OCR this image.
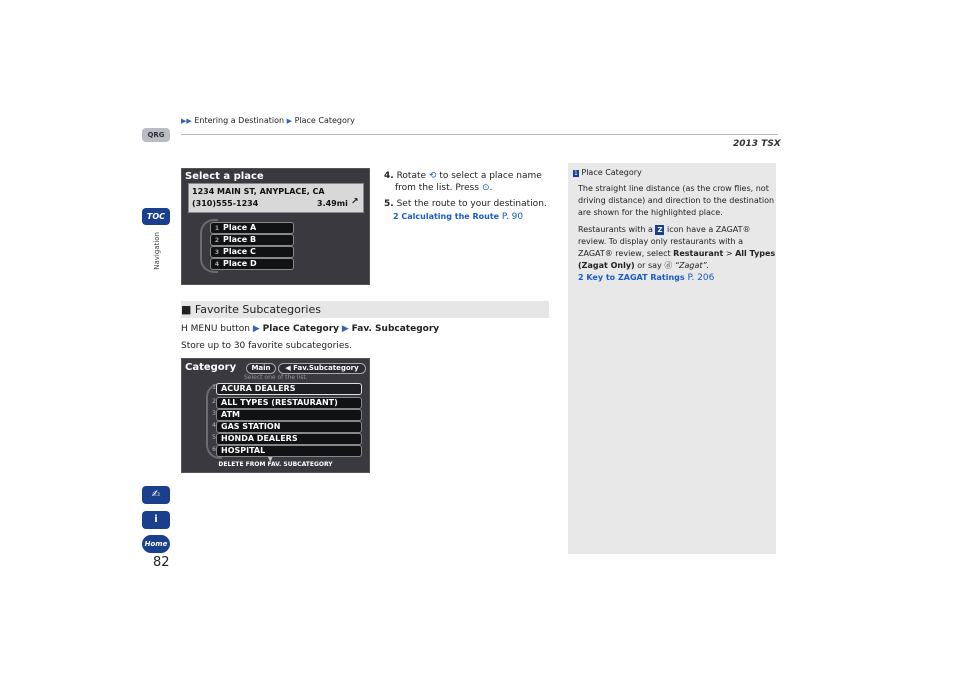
▶▶ Entering a Destination ▶ Place Category
2013 TSX
QRG
TOC
Navigation
✍
i
Home
82
Select a place
1234 MAIN ST, ANYPLACE, CA
(310)555-1234	3.49mi ↗
1 Place A
2 Place B
3 Place C
4 Place D
4. Rotate ⟲ to select a place name
from the list. Press ⊙.
5. Set the route to your destination.
2 Calculating the Route P. 90
■ Favorite Subcategories
H MENU button ▶ Place Category ▶ Fav. Subcategory
Store up to 30 favorite subcategories.
Category	Main	◀ Fav.Subcategory
Select one of the list.
1 ACURA DEALERS
2 ALL TYPES (RESTAURANT)
3 ATM
4 GAS STATION
5 HONDA DEALERS
6 HOSPITAL
▼
DELETE FROM FAV. SUBCATEGORY
1 Place Category
The straight line distance (as the crow flies, not
driving distance) and direction to the destination
are shown for the highlighted place.
Restaurants with a Z icon have a ZAGAT®
review. To display only restaurants with a
ZAGAT® review, select Restaurant > All Types
(Zagat Only) or say ⓓ “Zagat”.
2 Key to ZAGAT Ratings P. 206
